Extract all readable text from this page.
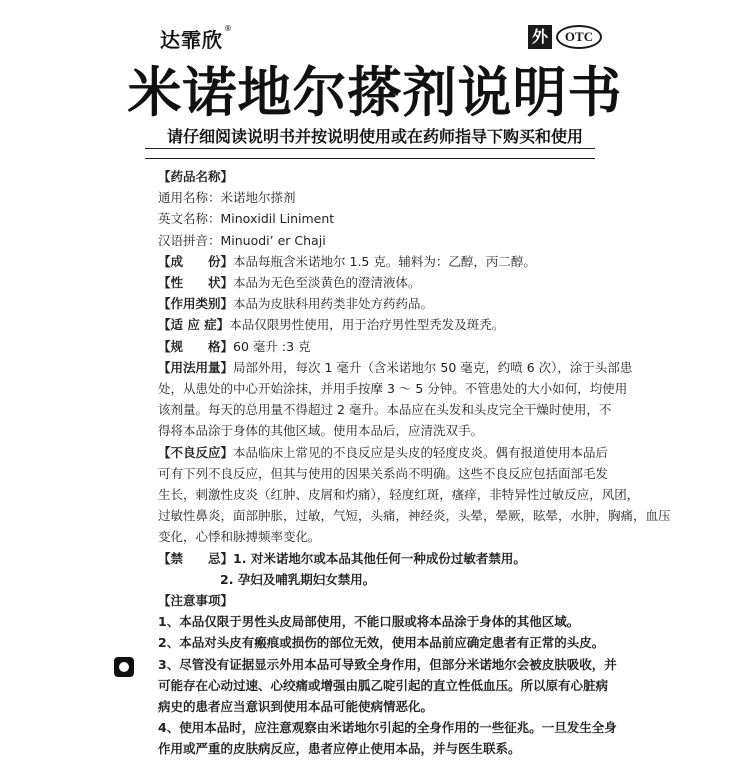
达霏欣®	外	OTC
米诺地尔搽剂说明书
请仔细阅读说明书并按说明使用或在药师指导下购买和使用
【药品名称】
通用名称：米诺地尔搽剂
英文名称：Minoxidil Liniment
汉语拼音：Minuodi’ er Chaji
【成　　份】本品每瓶含米诺地尔 1.5 克。辅料为：乙醇，丙二醇。
【性　　状】本品为无色至淡黄色的澄清液体。
【作用类别】本品为皮肤科用药类非处方药药品。
【适 应 症】本品仅限男性使用，用于治疗男性型秃发及斑秃。
【规　　格】60 毫升 :3 克
【用法用量】局部外用，每次 1 毫升（含米诺地尔 50 毫克，约喷 6 次），涂于头部患
处，从患处的中心开始涂抹，并用手按摩 3 ～ 5 分钟。不管患处的大小如何，均使用
该剂量。每天的总用量不得超过 2 毫升。本品应在头发和头皮完全干燥时使用，不
得将本品涂于身体的其他区域。使用本品后，应清洗双手。
【不良反应】本品临床上常见的不良反应是头皮的轻度皮炎。偶有报道使用本品后
可有下列不良反应，但其与使用的因果关系尚不明确。这些不良反应包括面部毛发
生长，刺激性皮炎（红肿、皮屑和灼痛），轻度红斑，瘙痒，非特异性过敏反应，风团，
过敏性鼻炎，面部肿胀，过敏，气短，头痛，神经炎，头晕，晕厥，眩晕，水肿，胸痛，血压
变化，心悸和脉搏频率变化。
【禁　　忌】1. 对米诺地尔或本品其他任何一种成份过敏者禁用。
2. 孕妇及哺乳期妇女禁用。
【注意事项】
1、本品仅限于男性头皮局部使用，不能口服或将本品涂于身体的其他区域。
2、本品对头皮有瘢痕或损伤的部位无效，使用本品前应确定患者有正常的头皮。
3、尽管没有证据显示外用本品可导致全身作用，但部分米诺地尔会被皮肤吸收，并
可能存在心动过速、心绞痛或增强由胍乙啶引起的直立性低血压。所以原有心脏病
病史的患者应当意识到使用本品可能使病情恶化。
4、使用本品时，应注意观察由米诺地尔引起的全身作用的一些征兆。一旦发生全身
作用或严重的皮肤病反应，患者应停止使用本品，并与医生联系。
